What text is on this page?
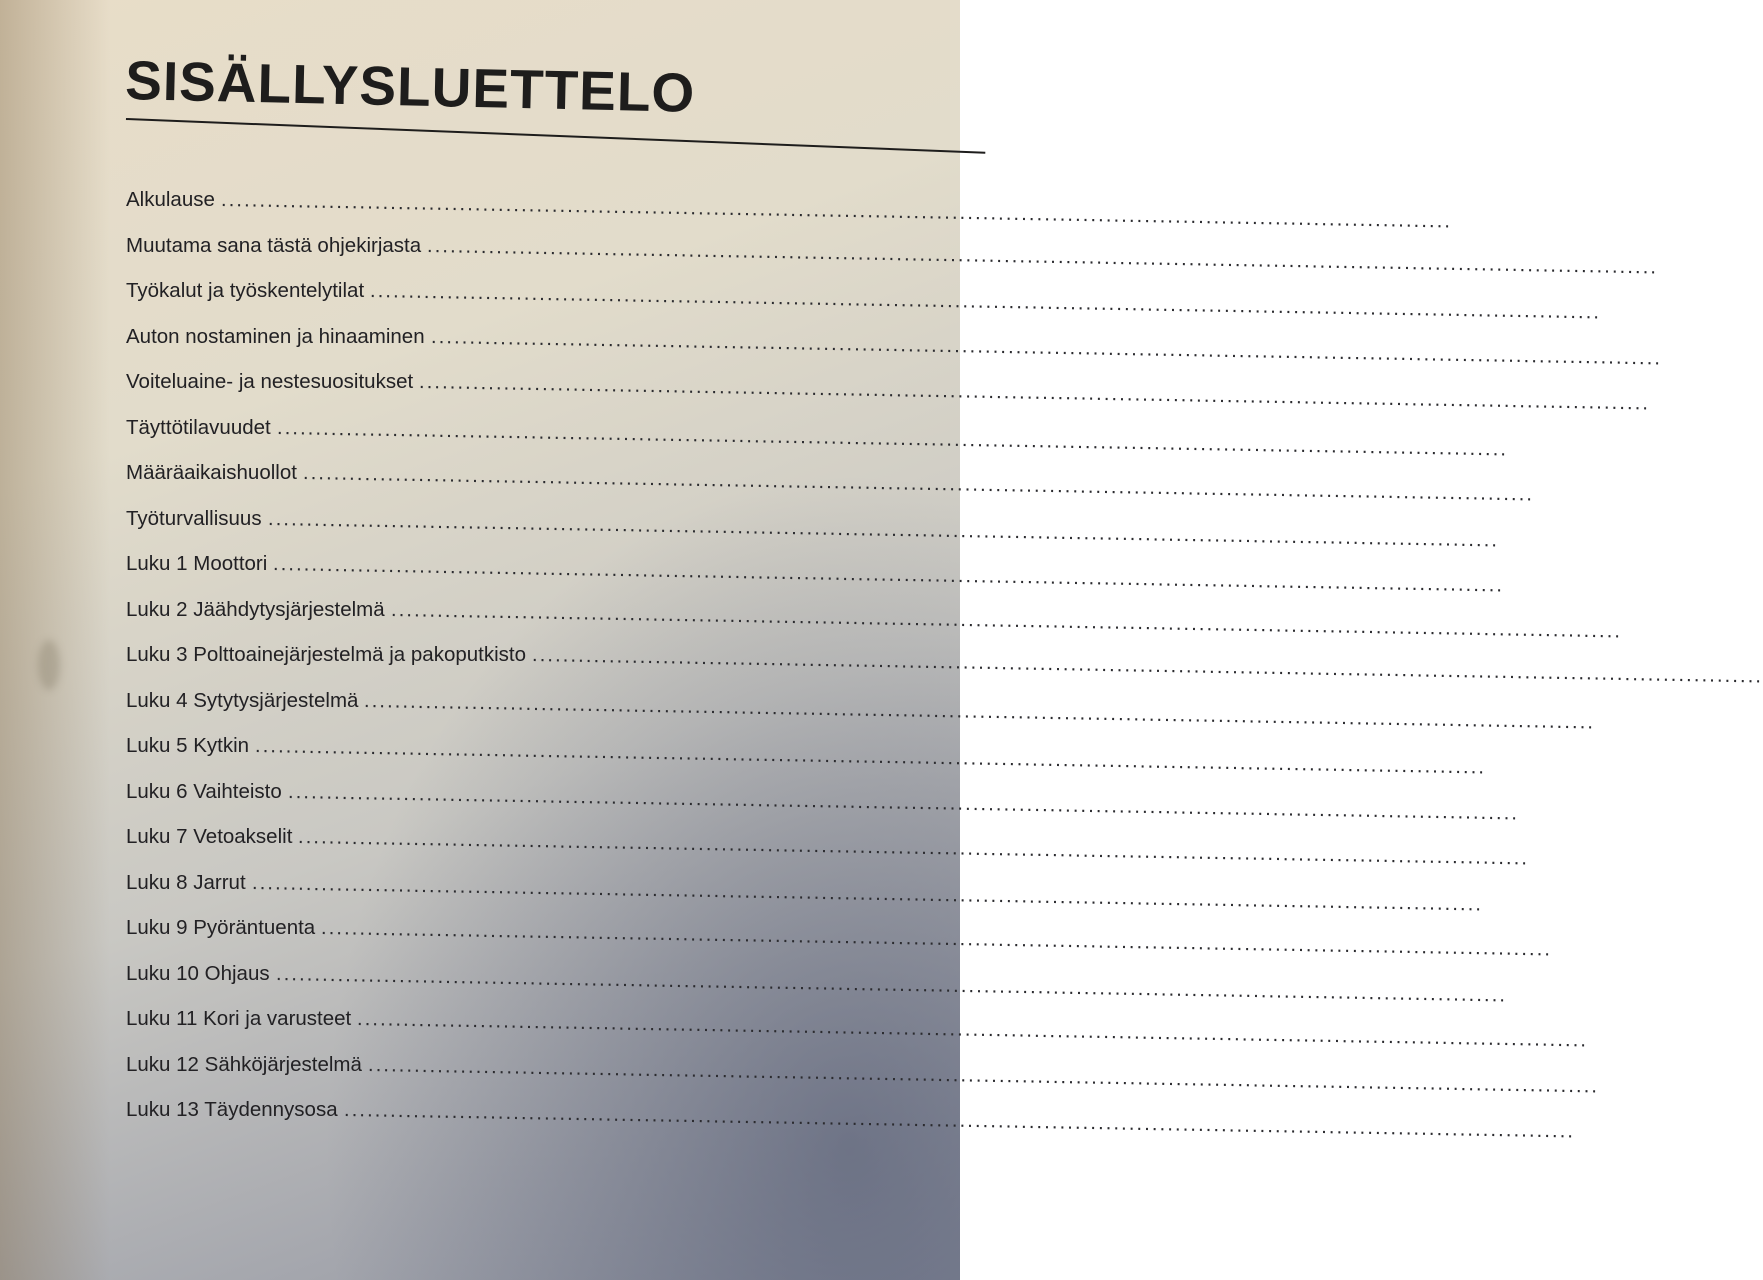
SISÄLLYSLUETTELO
Alkulause ................................................................................................................................................................
Muutama sana tästä ohjekirjasta ................................................................................................................................................................
Työkalut ja työskentelytilat ................................................................................................................................................................
Auton nostaminen ja hinaaminen ................................................................................................................................................................
Voiteluaine- ja nestesuositukset ................................................................................................................................................................
Täyttötilavuudet ................................................................................................................................................................
Määräaikaishuollot ................................................................................................................................................................
Työturvallisuus ................................................................................................................................................................
Luku 1 Moottori ................................................................................................................................................................
Luku 2 Jäähdytysjärjestelmä ................................................................................................................................................................
Luku 3 Polttoainejärjestelmä ja pakoputkisto ................................................................................................................................................................
Luku 4 Sytytysjärjestelmä ................................................................................................................................................................
Luku 5 Kytkin ................................................................................................................................................................
Luku 6 Vaihteisto ................................................................................................................................................................
Luku 7 Vetoakselit ................................................................................................................................................................
Luku 8 Jarrut ................................................................................................................................................................
Luku 9 Pyöräntuenta ................................................................................................................................................................
Luku 10 Ohjaus ................................................................................................................................................................
Luku 11 Kori ja varusteet ................................................................................................................................................................
Luku 12 Sähköjärjestelmä ................................................................................................................................................................
Luku 13 Täydennysosa ................................................................................................................................................................
